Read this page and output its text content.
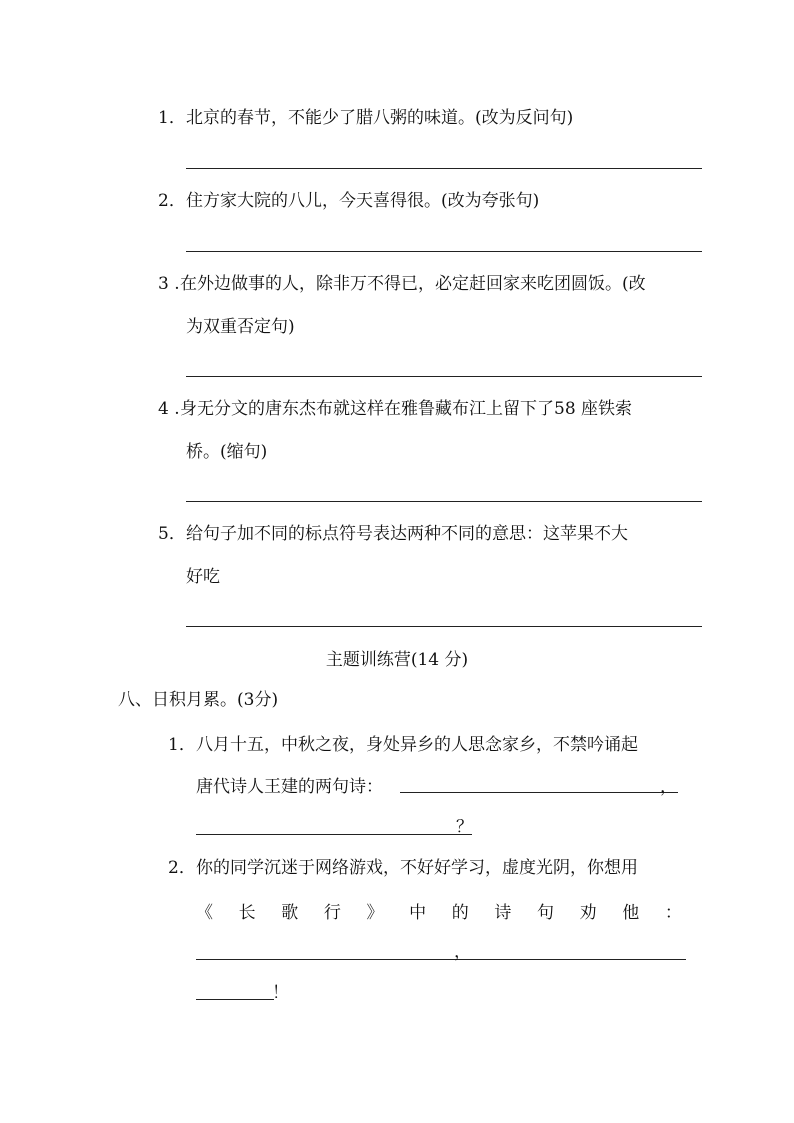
1． 北京的春节，不能少了腊八粥的味道。(改为反问句)
2． 住方家大院的八儿，今天喜得很。(改为夸张句)
3 . 在外边做事的人，除非万不得已，必定赶回家来吃团圆饭。(改
为双重否定句)
4 . 身无分文的唐东杰布就这样在雅鲁藏布江上留下了58 座铁索
桥。(缩句)
5． 给句子加不同的标点符号表达两种不同的意思：这苹果不大
好吃
主题训练营(14 分)
八、日积月累。(3分)
1． 八月十五，中秋之夜，身处异乡的人思念家乡，不禁吟诵起
唐代诗人王建的两句诗：	，
？
2． 你的同学沉迷于网络游戏，不好好学习，虚度光阴，你想用
《 长 歌 行 》 中 的 诗 句 劝 他 ：
，
！
